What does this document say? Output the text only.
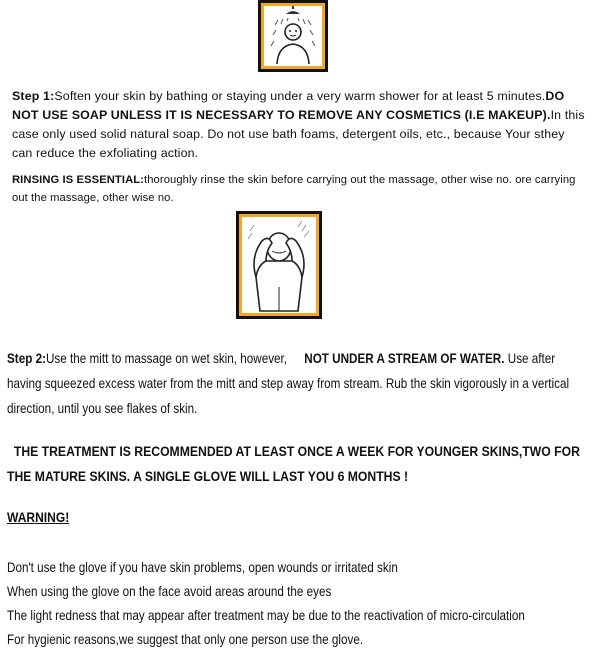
Step 1:Soften your skin by bathing or staying under a very warm shower for at least 5 minutes.DO NOT USE SOAP UNLESS IT IS NECESSARY TO REMOVE ANY COSMETICS (I.E MAKEUP).In this case only used solid natural soap. Do not use bath foams, detergent oils, etc., because Your sthey can reduce the exfoliating action.

RINSING IS ESSENTIAL:thoroughly rinse the skin before carrying out the massage, other wise no. ore carrying out the massage, other wise no.

Step 2:Use the mitt to massage on wet skin, however, NOT UNDER A STREAM OF WATER. Use after having squeezed excess water from the mitt and step away from stream. Rub the skin vigorously in a vertical direction, until you see flakes of skin.

THE TREATMENT IS RECOMMENDED AT LEAST ONCE A WEEK FOR YOUNGER SKINS,TWO FOR THE MATURE SKINS. A SINGLE GLOVE WILL LAST YOU 6 MONTHS !

WARNING!

Don't use the glove if you have skin problems, open wounds or irritated skin
When using the glove on the face avoid areas around the eyes
The light redness that may appear after treatment may be due to the reactivation of micro-circulation
For hygienic reasons,we suggest that only one person use the glove.
